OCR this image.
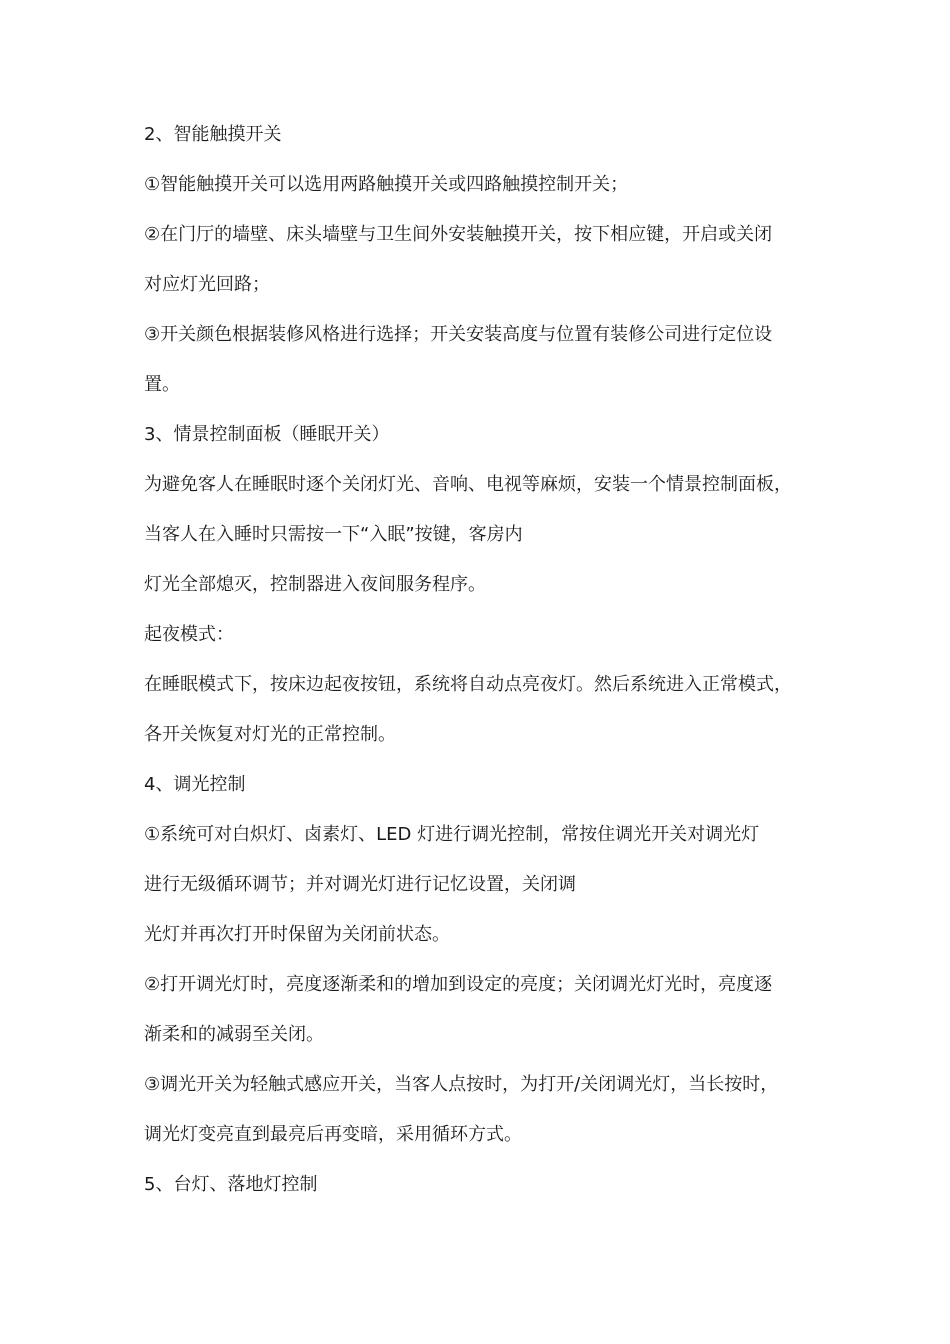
2、智能触摸开关
①智能触摸开关可以选用两路触摸开关或四路触摸控制开关；
②在门厅的墙壁、床头墙壁与卫生间外安装触摸开关，按下相应键，开启或关闭
对应灯光回路；
③开关颜色根据装修风格进行选择；开关安装高度与位置有装修公司进行定位设
置。
3、情景控制面板（睡眠开关）
为避免客人在睡眠时逐个关闭灯光、音响、电视等麻烦，安装一个情景控制面板，
当客人在入睡时只需按一下“入眠”按键，客房内
灯光全部熄灭，控制器进入夜间服务程序。
起夜模式：
在睡眠模式下，按床边起夜按钮，系统将自动点亮夜灯。然后系统进入正常模式，
各开关恢复对灯光的正常控制。
4、调光控制
①系统可对白炽灯、卤素灯、LED 灯进行调光控制，常按住调光开关对调光灯
进行无级循环调节；并对调光灯进行记忆设置，关闭调
光灯并再次打开时保留为关闭前状态。
②打开调光灯时，亮度逐渐柔和的增加到设定的亮度；关闭调光灯光时，亮度逐
渐柔和的减弱至关闭。
③调光开关为轻触式感应开关，当客人点按时，为打开/关闭调光灯，当长按时，
调光灯变亮直到最亮后再变暗，采用循环方式。
5、台灯、落地灯控制
